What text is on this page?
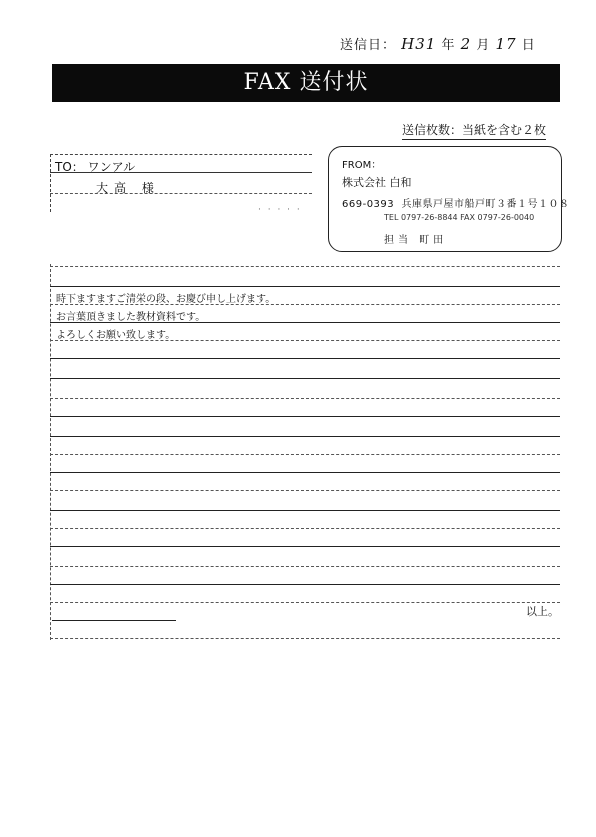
送信日： H31 年 2 月 17 日
FAX 送付状
送信枚数：当紙を含む２枚
TO： ワンアル
大高 様
· · · · ·
FROM：
株式会社 白和
669-0393 兵庫県戸屋市船戸町３番１号１０８
TEL 0797-26-8844 FAX 0797-26-0040
担当 町田
時下ますますご清栄の段、お慶び申し上げます。
お言葉頂きました教材資料です。
よろしくお願い致します。
以上。
